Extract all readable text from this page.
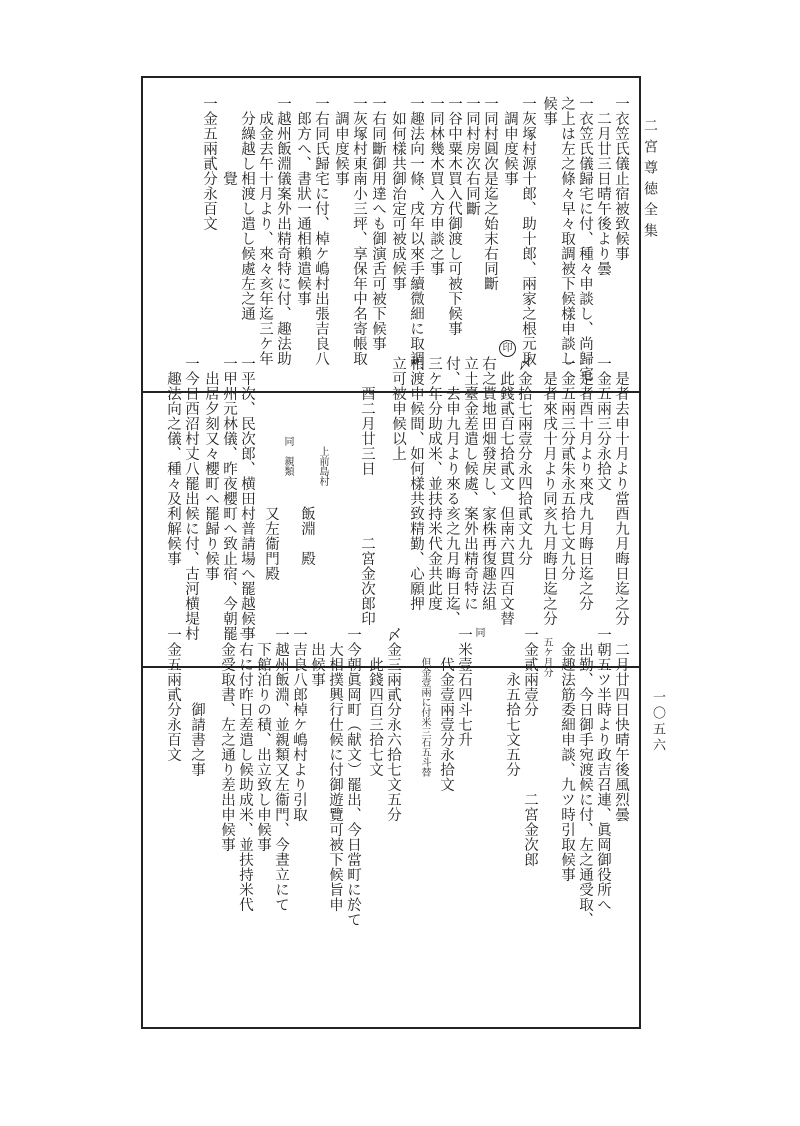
二宮尊徳全集
一〇五六
印
一衣笠氏儀止宿被致候事
　二月廿三日晴午後より曇
一衣笠氏儀歸宅に付、種々申談し、尚歸宅
之上は左之條々早々取調被下候樣申談し
候事
一灰塚村源十郎、助十郎、兩家之根元取
　調申度候事
一同村圓次是迄之始末右同斷
一同村房次右同斷
一谷中粟木買入代御渡し可被下候事
一同林幾木買入方申談之事
一趣法向一條、戌年以來手續微細に取調、
　如何樣共御治定可被成候事
一右同斷御用達へも御演舌可被下候事
一灰塚村東南小三坪、享保年中名寄帳取
　調申度候事
一右同氏歸宅に付、棹ケ嶋村出張吉良八
　郎方へ、書狀一通相賴遣候事
一越州飯淵儀案外出精奇特に付、趣法助
　成金去午十月より、來々亥年迄三ケ年
　分繰越し相渡し遣し候處左之通
　　　　　覺
一金五兩貳分永百文
　是者去申十月より當酉九月晦日迄之分
一金五兩三分永拾文
　是者酉十月より來戌九月晦日迄之分
一金五兩三分貳朱永五拾七文九分
　是者來戌十月より同亥九月晦日迄之分
〆金拾七兩壹分永四拾貳文九分
　此錢貳百七拾貳文　但南六貫四百文替
右之貰地田畑發戻し、家株再復趣法組
立土臺金差遣し候處、案外出精奇特に
付、去申九月より來る亥之九月晦日迄、
三ケ年分助成米、並扶持米代金共此度
相渡申候間、如何樣共致精勤、心願押
立可被申候以上
　　酉二月廿三日　　　　二宮金次郎印
　　　　　　　　　上前島村
　　　　　　　　　　飯淵　殿
　　　　　　　　同　親類
　　　　　　　　　　又左衞門殿
一平次、民次郎、横田村普請場へ罷越候事
一甲州元林儀、昨夜櫻町へ致止宿、今朝罷
　出居夕刻又々櫻町へ罷歸り候事
一今日西沼村丈八罷出候に付、古河横堤村
　趣法向之儀、種々及利解候事
　二月廿四日快晴午後風烈曇
一朝五ツ半時より政吉召連、眞岡御役所へ
　出勤、今日御手宛渡候に付、左之通受取、
　金趣法筋委細申談、九ツ時引取候事
　五ケ月分
一金貳兩壹分　　　　　二宮金次郎
　　　永五拾七文五分
同
一米壹石四斗七升
　　代金壹兩壹分永拾文
　　　但金壹兩に付米三石五斗替
〆金三兩貳分永六拾七文五分
　　此錢四百三拾七文
一今朝眞岡町（献文）罷出、今日當町に於て
　大相撲興行仕候に付御遊覽可被下候旨申
　出候事
一吉良八郎棹ケ嶋村より引取
一越州飯淵、並親類又左衞門、今晝立にて
　下館泊りの積、出立致し申候事
一右に付昨日差遣し候助成米、並扶持米代
　金受取書、左之通り差出申候事
　　　　　御請書之事
一金五兩貳分永百文
